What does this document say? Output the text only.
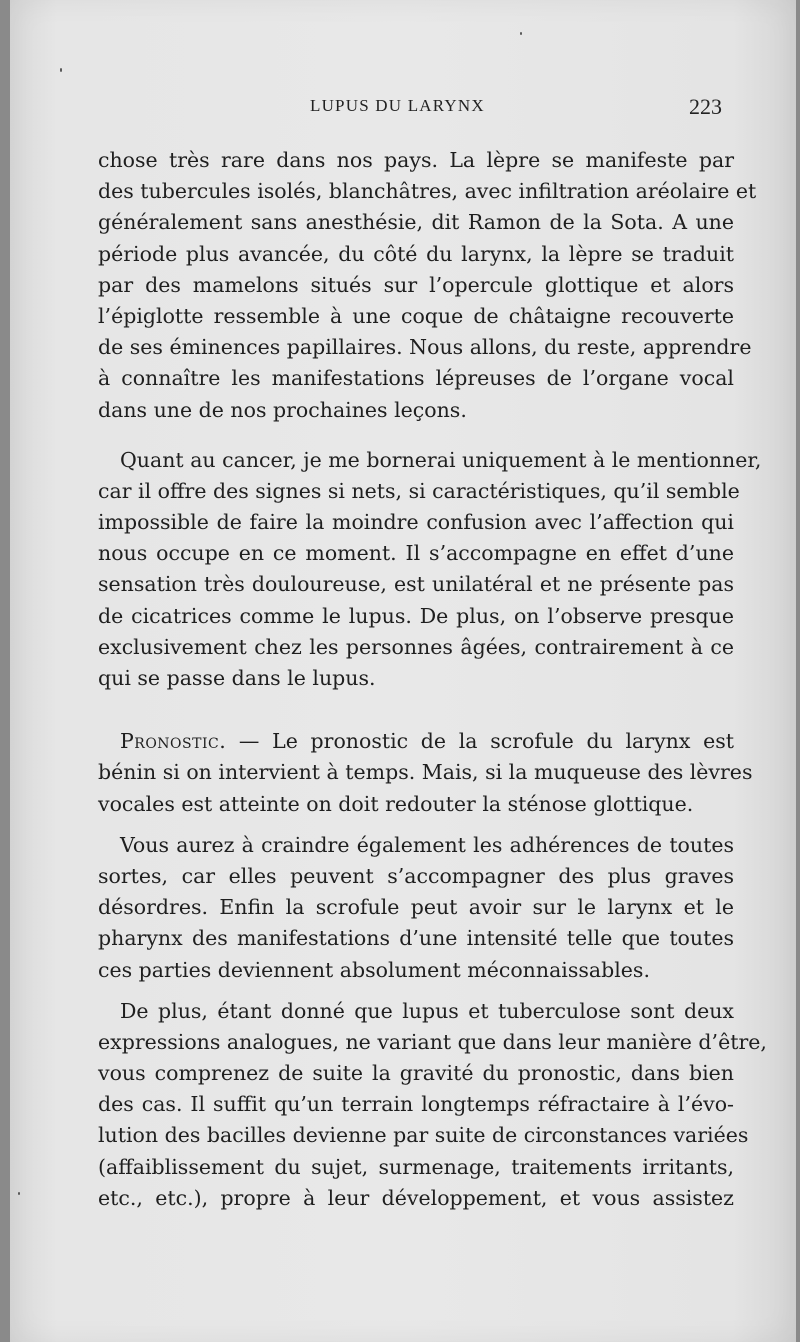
LUPUS DU LARYNX	223
chose très rare dans nos pays. La lèpre se manifeste par
des tubercules isolés, blanchâtres, avec infiltration aréolaire et
généralement sans anesthésie, dit Ramon de la Sota. A une
période plus avancée, du côté du larynx, la lèpre se traduit
par des mamelons situés sur l’opercule glottique et alors
l’épiglotte ressemble à une coque de châtaigne recouverte
de ses éminences papillaires. Nous allons, du reste, apprendre
à connaître les manifestations lépreuses de l’organe vocal
dans une de nos prochaines leçons.
Quant au cancer, je me bornerai uniquement à le mentionner,
car il offre des signes si nets, si caractéristiques, qu’il semble
impossible de faire la moindre confusion avec l’affection qui
nous occupe en ce moment. Il s’accompagne en effet d’une
sensation très douloureuse, est unilatéral et ne présente pas
de cicatrices comme le lupus. De plus, on l’observe presque
exclusivement chez les personnes âgées, contrairement à ce
qui se passe dans le lupus.
Pronostic. — Le pronostic de la scrofule du larynx est
bénin si on intervient à temps. Mais, si la muqueuse des lèvres
vocales est atteinte on doit redouter la sténose glottique.
Vous aurez à craindre également les adhérences de toutes
sortes, car elles peuvent s’accompagner des plus graves
désordres. Enfin la scrofule peut avoir sur le larynx et le
pharynx des manifestations d’une intensité telle que toutes
ces parties deviennent absolument méconnaissables.
De plus, étant donné que lupus et tuberculose sont deux
expressions analogues, ne variant que dans leur manière d’être,
vous comprenez de suite la gravité du pronostic, dans bien
des cas. Il suffit qu’un terrain longtemps réfractaire à l’évo-
lution des bacilles devienne par suite de circonstances variées
(affaiblissement du sujet, surmenage, traitements irritants,
etc., etc.), propre à leur développement, et vous assistez
